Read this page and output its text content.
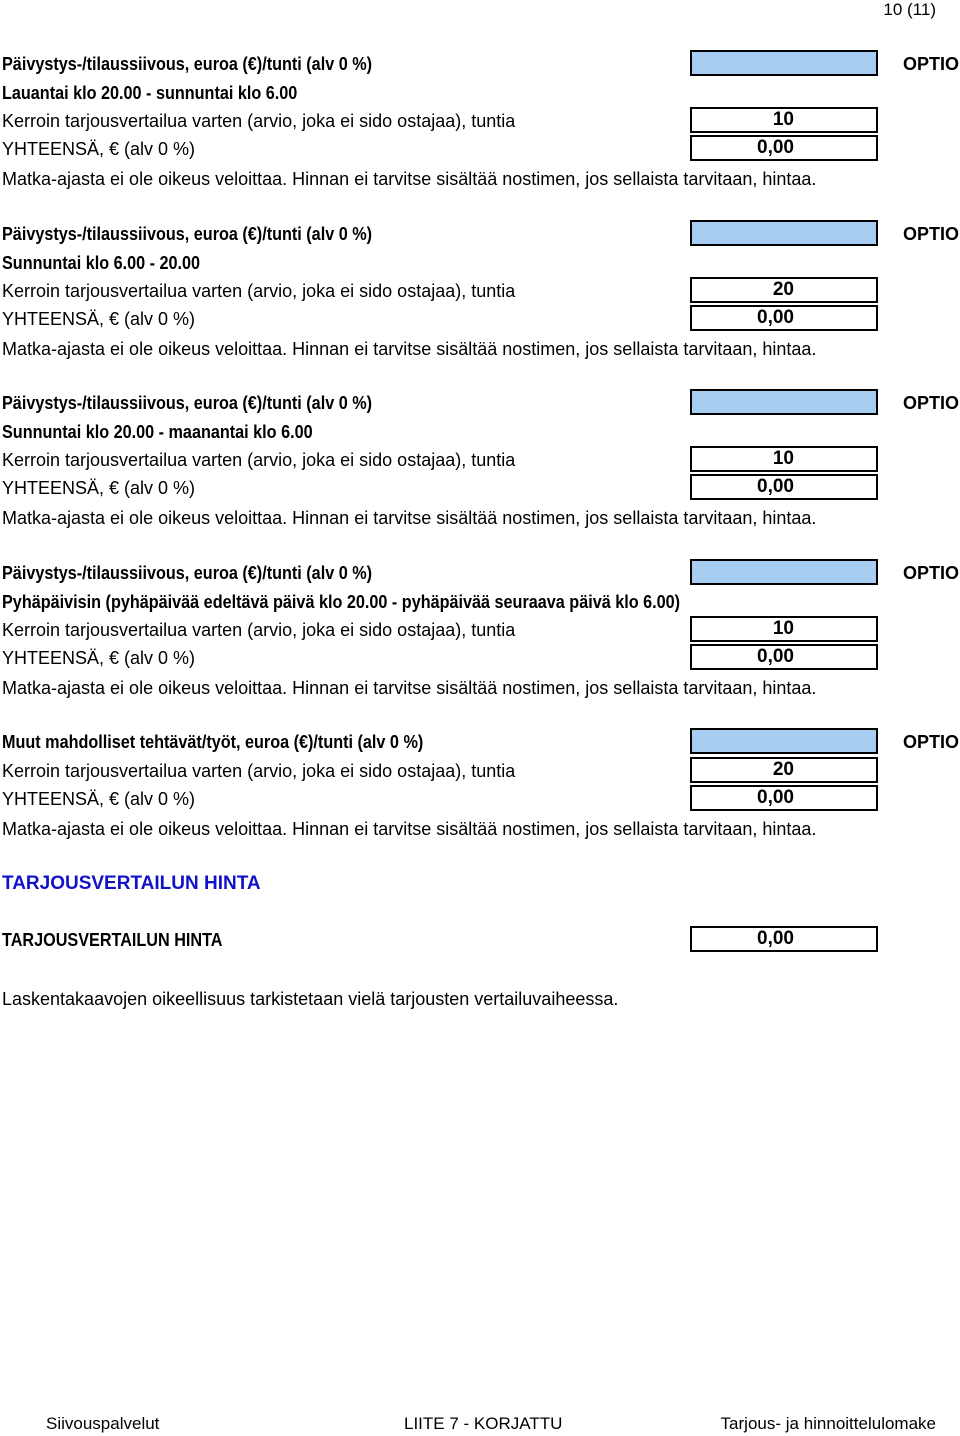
10 (11)
Päivystys-/tilaussiivous, euroa (€)/tunti (alv 0 %)	OPTIO
Lauantai klo 20.00 - sunnuntai klo 6.00
Kerroin tarjousvertailua varten (arvio, joka ei sido ostajaa), tuntia	10
YHTEENSÄ, € (alv 0 %)	0,00
Matka-ajasta ei ole oikeus veloittaa. Hinnan ei tarvitse sisältää nostimen, jos sellaista tarvitaan, hintaa.
Päivystys-/tilaussiivous, euroa (€)/tunti (alv 0 %)	OPTIO
Sunnuntai klo 6.00 - 20.00
Kerroin tarjousvertailua varten (arvio, joka ei sido ostajaa), tuntia	20
YHTEENSÄ, € (alv 0 %)	0,00
Matka-ajasta ei ole oikeus veloittaa. Hinnan ei tarvitse sisältää nostimen, jos sellaista tarvitaan, hintaa.
Päivystys-/tilaussiivous, euroa (€)/tunti (alv 0 %)	OPTIO
Sunnuntai klo 20.00 - maanantai klo 6.00
Kerroin tarjousvertailua varten (arvio, joka ei sido ostajaa), tuntia	10
YHTEENSÄ, € (alv 0 %)	0,00
Matka-ajasta ei ole oikeus veloittaa. Hinnan ei tarvitse sisältää nostimen, jos sellaista tarvitaan, hintaa.
Päivystys-/tilaussiivous, euroa (€)/tunti (alv 0 %)	OPTIO
Pyhäpäivisin (pyhäpäivää edeltävä päivä klo 20.00 - pyhäpäivää seuraava päivä klo 6.00)
Kerroin tarjousvertailua varten (arvio, joka ei sido ostajaa), tuntia	10
YHTEENSÄ, € (alv 0 %)	0,00
Matka-ajasta ei ole oikeus veloittaa. Hinnan ei tarvitse sisältää nostimen, jos sellaista tarvitaan, hintaa.
Muut mahdolliset tehtävät/työt, euroa (€)/tunti (alv 0 %)	OPTIO
Kerroin tarjousvertailua varten (arvio, joka ei sido ostajaa), tuntia	20
YHTEENSÄ, € (alv 0 %)	0,00
Matka-ajasta ei ole oikeus veloittaa. Hinnan ei tarvitse sisältää nostimen, jos sellaista tarvitaan, hintaa.
TARJOUSVERTAILUN HINTA
TARJOUSVERTAILUN HINTA	0,00
Laskentakaavojen oikeellisuus tarkistetaan vielä tarjousten vertailuvaiheessa.
Siivouspalvelut	LIITE 7 - KORJATTU	Tarjous- ja hinnoittelulomake
